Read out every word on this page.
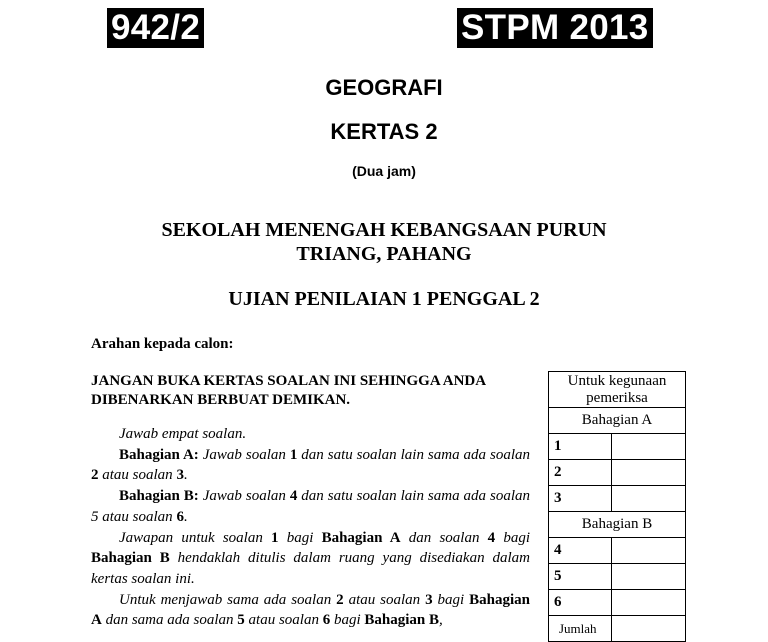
942/2	STPM 2013
GEOGRAFI
KERTAS 2
(Dua jam)
SEKOLAH MENENGAH KEBANGSAAN PURUN
TRIANG, PAHANG
UJIAN PENILAIAN 1 PENGGAL 2
Arahan kepada calon:
JANGAN BUKA KERTAS SOALAN INI SEHINGGA ANDA DIBENARKAN BERBUAT DEMIKAN.

Jawab empat soalan.

Bahagian A: Jawab soalan 1 dan satu soalan lain sama ada soalan 2 atau soalan 3.

Bahagian B: Jawab soalan 4 dan satu soalan lain sama ada soalan 5 atau soalan 6.

Jawapan untuk soalan 1 bagi Bahagian A dan soalan 4 bagi Bahagian B hendaklah ditulis dalam ruang yang disediakan dalam kertas soalan ini.

Untuk menjawab sama ada soalan 2 atau soalan 3 bagi Bahagian A dan sama ada soalan 5 atau soalan 6 bagi Bahagian B,

Untuk kegunaan pemeriksa	
Bahagian A	
1	
2	
3	
Bahagian B	
4	
5	
6	
Jumlah	
